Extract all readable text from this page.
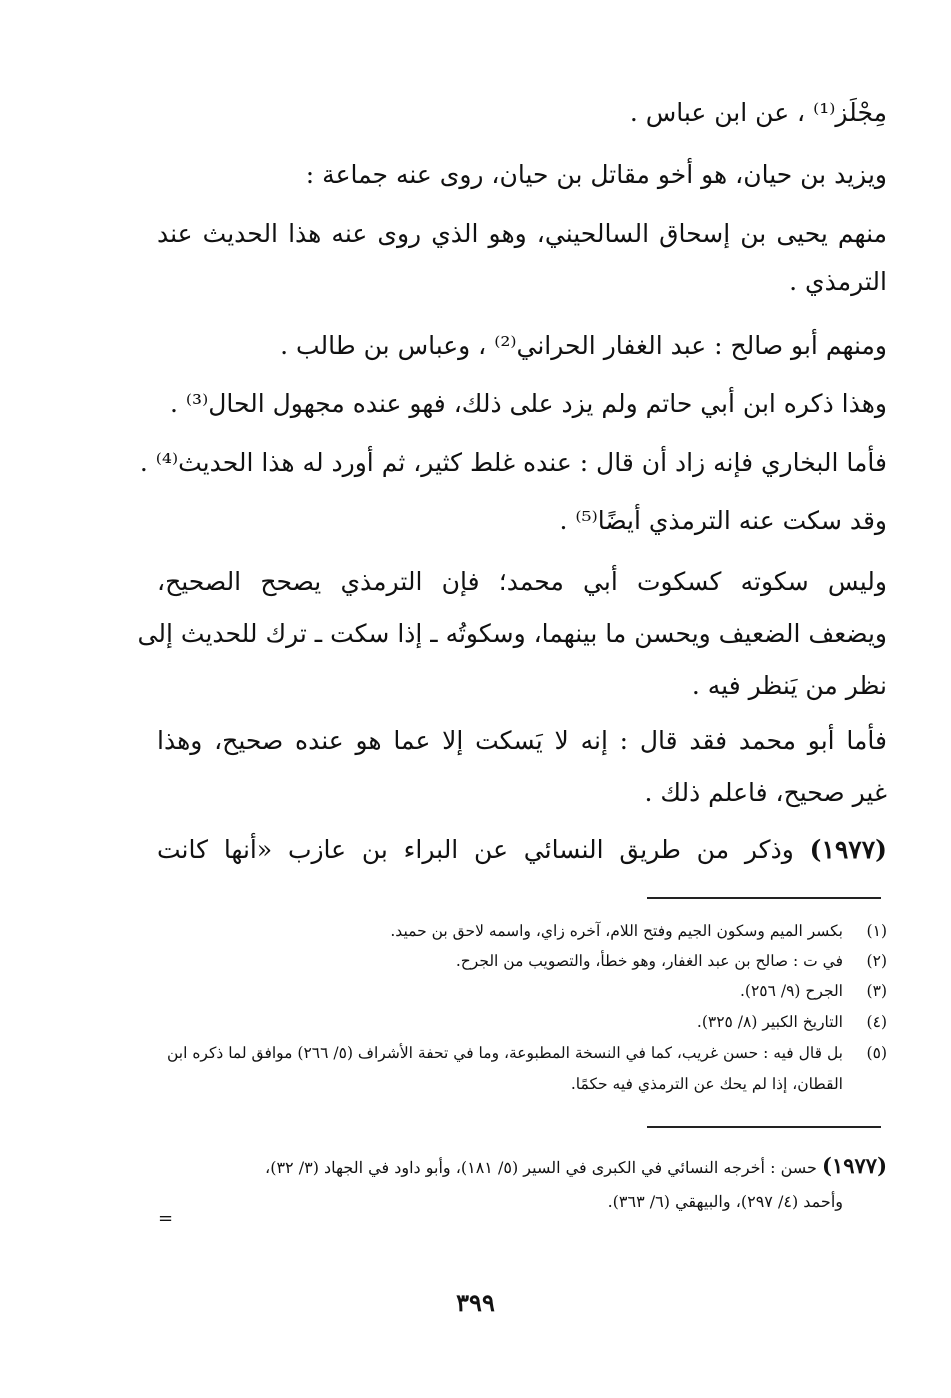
مِجْلَز⁽¹⁾ ، عن ابن عباس .
ويزيد بن حيان، هو أخو مقاتل بن حيان، روى عنه جماعة :
منهم يحيى بن إسحاق السالحيني، وهو الذي روى عنه هذا الحديث عند
الترمذي .
ومنهم أبو صالح : عبد الغفار الحراني⁽²⁾ ، وعباس بن طالب .
وهذا ذكره ابن أبي حاتم ولم يزد على ذلك، فهو عنده مجهول الحال⁽³⁾ .
فأما البخاري فإنه زاد أن قال : عنده غلط كثير، ثم أورد له هذا الحديث⁽⁴⁾ .
وقد سكت عنه الترمذي أيضًا⁽⁵⁾ .
وليس سكوته كسكوت أبي محمد؛ فإن الترمذي يصحح الصحيح،
ويضعف الضعيف ويحسن ما بينهما، وسكوتُه ـ إذا سكت ـ ترك للحديث إلى
نظر من يَنظر فيه .
فأما أبو محمد فقد قال : إنه لا يَسكت إلا عما هو عنده صحيح، وهذا
غير صحيح، فاعلم ذلك .
(١٩٧٧) وذكر من طريق النسائي عن البراء بن عازب «أنها كانت
(١)بكسر الميم وسكون الجيم وفتح اللام، آخره زاي، واسمه لاحق بن حميد.
(٢)في ت : صالح بن عبد الغفار، وهو خطأ، والتصويب من الجرح.
(٣)الجرح (٩/ ٢٥٦).
(٤)التاريخ الكبير (٨/ ٣٢٥).
(٥)بل قال فيه : حسن غريب، كما في النسخة المطبوعة، وما في تحفة الأشراف (٥/ ٢٦٦) موافق لما ذكره ابن
القطان، إذا لم يحك عن الترمذي فيه حكمًا.
(١٩٧٧) حسن : أخرجه النسائي في الكبرى في السير (٥/ ١٨١)، وأبو داود في الجهاد (٣/ ٣٢)،
وأحمد (٤/ ٢٩٧)، والبيهقي (٦/ ٣٦٣).
=
٣٩٩
